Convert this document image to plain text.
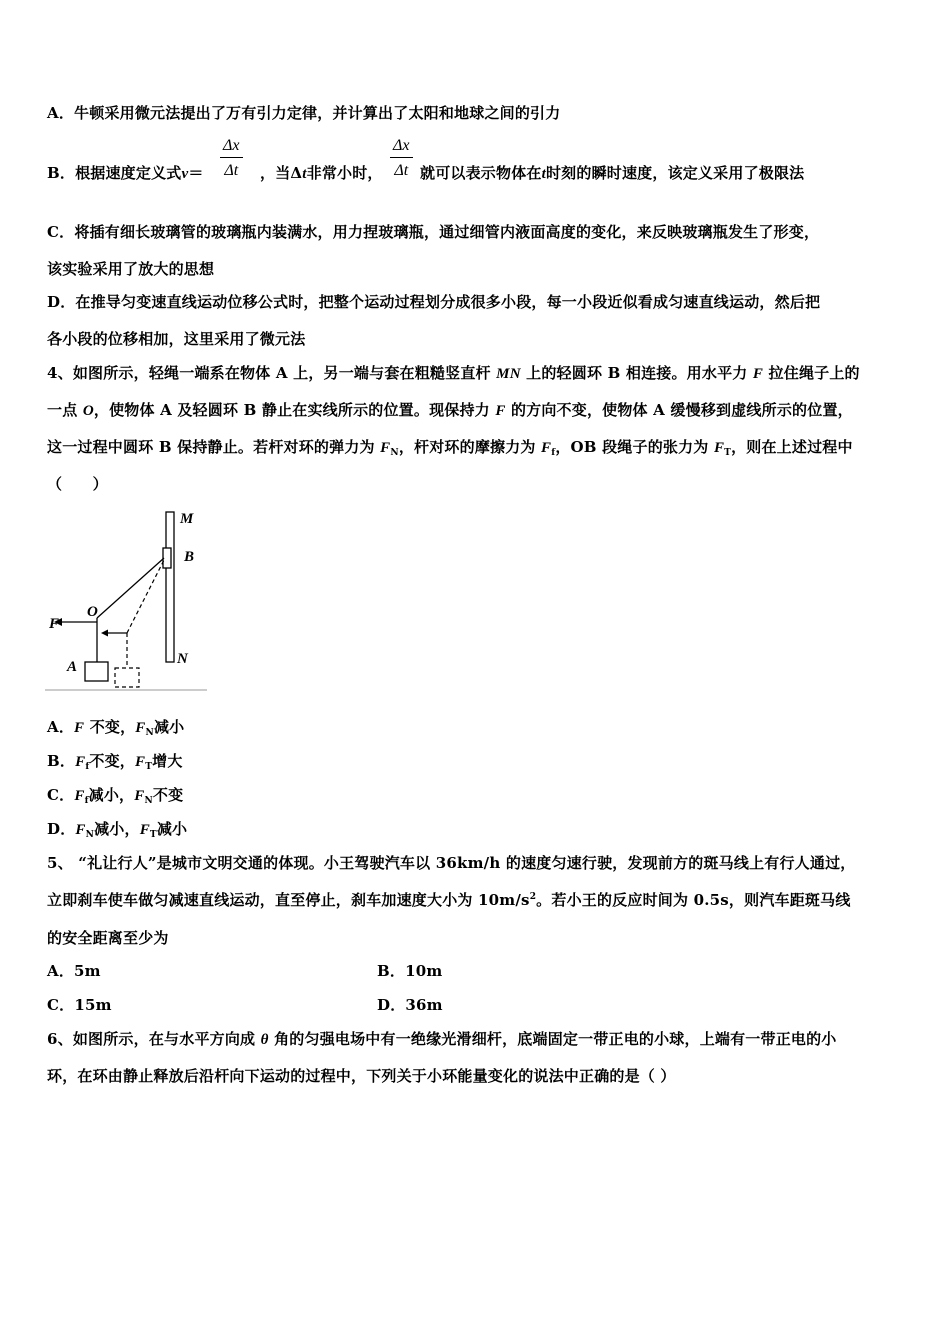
A．牛顿采用微元法提出了万有引力定律，并计算出了太阳和地球之间的引力
B．根据速度定义式$v= \frac{\Delta x}{\Delta t}$ ，当Δt非常小时， $\frac{\Delta x}{\Delta t}$ 就可以表示物体在t时刻的瞬时速度，该定义采用了极限法
C．将插有细长玻璃管的玻璃瓶内装满水，用力捏玻璃瓶，通过细管内液面高度的变化，来反映玻璃瓶发生了形变，
该实验采用了放大的思想
D．在推导匀变速直线运动位移公式时，把整个运动过程划分成很多小段，每一小段近似看成匀速直线运动，然后把
各小段的位移相加，这里采用了微元法
4、如图所示，轻绳一端系在物体 A 上，另一端与套在粗糙竖直杆 MN 上的轻圆环 B 相连接。用水平力 F 拉住绳子上的
一点 O，使物体 A 及轻圆环 B 静止在实线所示的位置。现保持力 F 的方向不变，使物体 A 缓慢移到虚线所示的位置，
这一过程中圆环 B 保持静止。若杆对环的弹力为 $F_N$，杆对环的摩擦力为 $F_f$，OB 段绳子的张力为 $F_T$，则在上述过程中
（　　）
M
B
F
O
N
A
A．F 不变，$F_N$减小
B．$F_f$不变，$F_T$增大
C．$F_f$减小，$F_N$不变
D．$F_N$减小，$F_T$减小
5、 “礼让行人”是城市文明交通的体现。小王驾驶汽车以 36km/h 的速度匀速行驶，发现前方的斑马线上有行人通过，
立即刹车使车做匀减速直线运动，直至停止，刹车加速度大小为 $10m/s^2$。若小王的反应时间为 0.5s，则汽车距斑马线
的安全距离至少为
A．5m	B．10m
C．15m	D．36m
6、如图所示，在与水平方向成 θ 角的匀强电场中有一绝缘光滑细杆，底端固定一带正电的小球，上端有一带正电的小
环，在环由静止释放后沿杆向下运动的过程中，下列关于小环能量变化的说法中正确的是（ ）
